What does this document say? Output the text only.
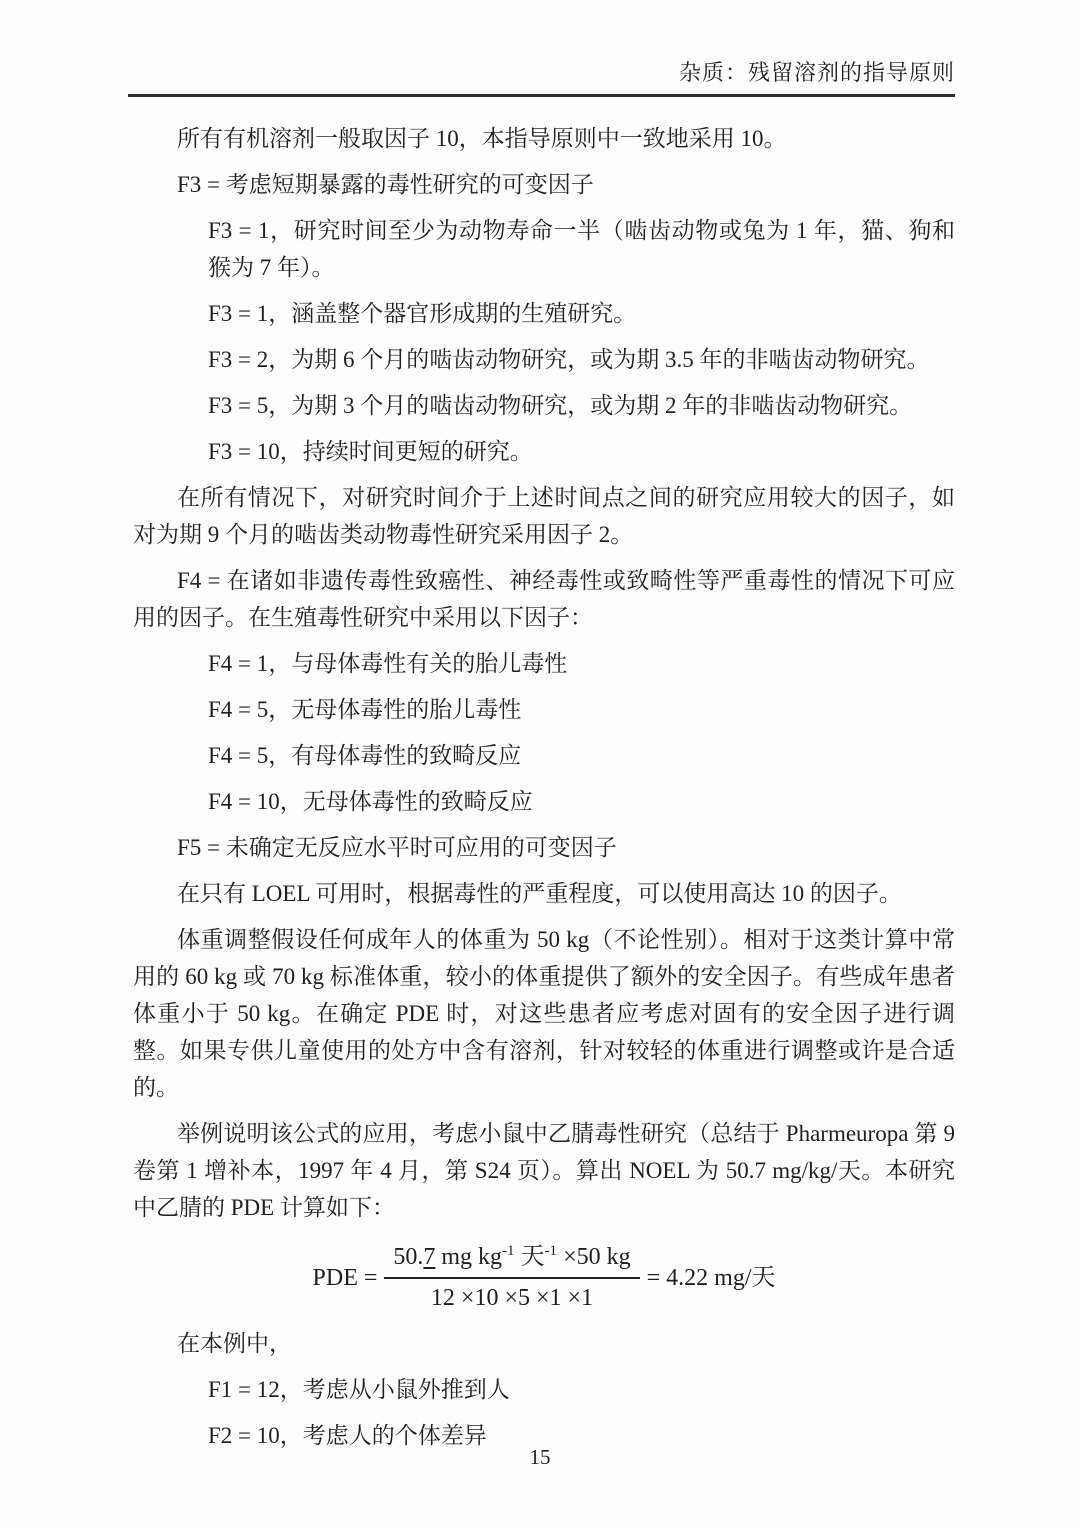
杂质：残留溶剂的指导原则

所有有机溶剂一般取因子 10，本指导原则中一致地采用 10。

F3 = 考虑短期暴露的毒性研究的可变因子

F3 = 1，研究时间至少为动物寿命一半（啮齿动物或兔为 1 年，猫、狗和猴为 7 年）。

F3 = 1，涵盖整个器官形成期的生殖研究。

F3 = 2，为期 6 个月的啮齿动物研究，或为期 3.5 年的非啮齿动物研究。

F3 = 5，为期 3 个月的啮齿动物研究，或为期 2 年的非啮齿动物研究。

F3 = 10，持续时间更短的研究。

在所有情况下，对研究时间介于上述时间点之间的研究应用较大的因子，如对为期 9 个月的啮齿类动物毒性研究采用因子 2。

F4 = 在诸如非遗传毒性致癌性、神经毒性或致畸性等严重毒性的情况下可应用的因子。在生殖毒性研究中采用以下因子：

F4 = 1，与母体毒性有关的胎儿毒性

F4 = 5，无母体毒性的胎儿毒性

F4 = 5，有母体毒性的致畸反应

F4 = 10，无母体毒性的致畸反应

F5 = 未确定无反应水平时可应用的可变因子

在只有 LOEL 可用时，根据毒性的严重程度，可以使用高达 10 的因子。

体重调整假设任何成年人的体重为 50 kg（不论性别）。相对于这类计算中常用的 60 kg 或 70 kg 标准体重，较小的体重提供了额外的安全因子。有些成年患者体重小于 50 kg。在确定 PDE 时，对这些患者应考虑对固有的安全因子进行调整。如果专供儿童使用的处方中含有溶剂，针对较轻的体重进行调整或许是合适的。

举例说明该公式的应用，考虑小鼠中乙腈毒性研究（总结于 Pharmeuropa 第 9 卷第 1 增补本，1997 年 4 月，第 S24 页）。算出 NOEL 为 50.7 mg/kg/天。本研究中乙腈的 PDE 计算如下：

PDE = $\frac{50.7 mg kg^{-1} 天^{-1} \times 50 kg}{12 \times 10 \times 5 \times 1 \times 1} = 4.22$ mg/天

在本例中，

F1 = 12，考虑从小鼠外推到人

F2 = 10，考虑人的个体差异

15
